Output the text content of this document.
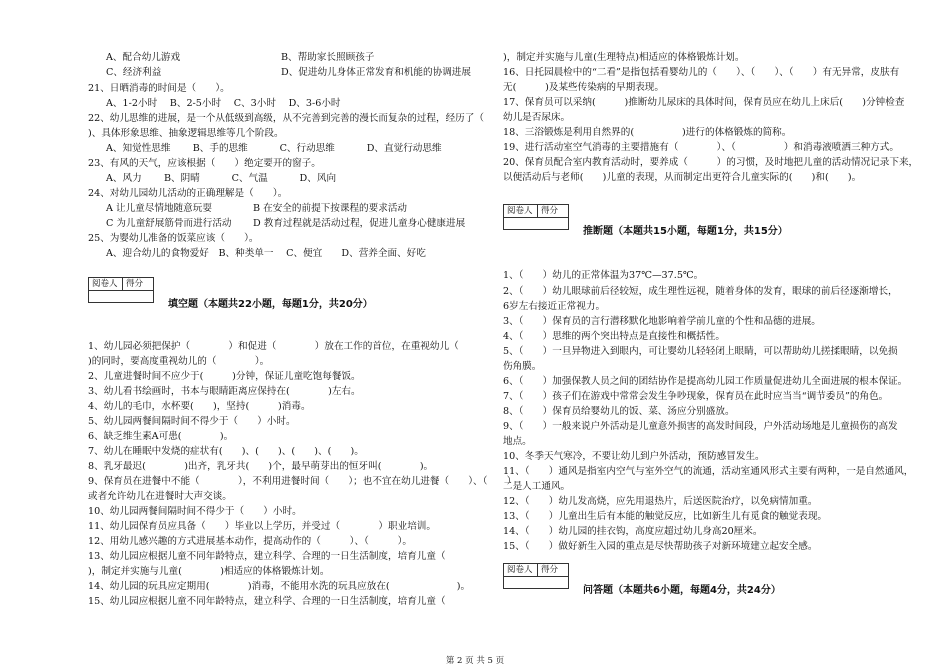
A、配合幼儿游戏	B、帮助家长照顾孩子
C、经济利益	D、促进幼儿身体正常发育和机能的协调进展
21、日晒消毒的时间是（　　）。
A、1-2小时　 B、2-5小时　 C、3小时　 D、3-6小时
22、幼儿思维的进展，是一个从低级到高级，从不完善到完善的漫长而复杂的过程，经历了（
)、具体形象思维、抽象逻辑思维等几个阶段。
A、知觉性思维　　 B、手的思维　　　 C、行动思维　　　 D、直觉行动思维
23、有风的天气，应该根据（　　）绝定要开的窗子。
A、风力　　 B、阴晴　　　 C、气温　　　 D、风向
24、对幼儿园幼儿活动的正确理解是（　　）。
A 让儿童尽情地随意玩耍	B 在安全的前提下按课程的要求活动
C 为儿童舒展筋骨而进行活动 D 教育过程就是活动过程，促进儿童身心健康进展
25、为婴幼儿准备的饭菜应该（　　）。
A、迎合幼儿的食物爱好　B、种类单一　 C、便宜　　D、营养全面、好吃
1、幼儿园必须把保护（　　　　）和促进（　　　　）放在工作的首位，在重视幼儿（　　　　
)的同时，要高度重视幼儿的（　　　　）。
2、儿童进餐时间不应少于(　　　)分钟，保证儿童吃饱每餐饭。
3、幼儿看书绘画时，书本与眼睛距离应保持在(　　　　)左右。
4、幼儿的毛巾，水杯要(　　)，坚持(　　　)消毒。
5、幼儿园两餐间隔时间不得少于（　　）小时。
6、缺乏维生素A可患(　　　　)。
7、幼儿在睡眠中发烧的症状有(　　)、(　　)、(　　)、(　　)。
8、乳牙最迟(　　　　)出齐，乳牙共(　　)个，最早萌芽出的恒牙叫(　　　　)。
9、保育员在进餐中不能（　　　　），不利用进餐时间（　　）；也不宜在幼儿进餐（　　）、（　　）
或者允许幼儿在进餐时大声交谈。
10、幼儿园两餐间隔时间不得少于（　　）小时。
11、幼儿园保育员应具备（　　）毕业以上学历，并受过（　　　　）职业培训。
12、用幼儿感兴趣的方式进展基本动作，提高动作的（　　　）、（　　　）。
13、幼儿园应根据儿童不同年龄特点，建立科学、合理的一日生活制度，培育儿童（
)，制定并实施与儿童(　　　　)相适应的体格锻炼计划。
14、幼儿园的玩具应定期用(　　　　)消毒，不能用水洗的玩具应放在(　　　　　　　)。
15、幼儿园应根据儿童不同年龄特点，建立科学、合理的一日生活制度，培育儿童（
)，制定并实施与儿童(生理特点)相适应的体格锻炼计划。
16、日托园晨检中的“二看”是指包括看婴幼儿的（　　）、（　　）、（　　）有无异常，皮肤有
无(　　　)及某些传染病的早期表现。
17、保育员可以采纳(　　　)推断幼儿尿床的具体时间，保育员应在幼儿上床后(　　)分钟检查
幼儿是否尿床。
18、三浴锻炼是利用自然界的(　　　　　)进行的体格锻炼的简称。
19、进行活动室空气消毒的主要措施有（　　　　）、（　　　　　）和消毒液喷洒三种方式。
20、保育员配合室内教育活动时，要养成（　　　）的习惯，及时地把儿童的活动情况记录下来，
以便活动后与老师(　　)儿童的表现，从而制定出更符合儿童实际的(　　)和(　　)。
1、（　　）幼儿的正常体温为37℃—37.5℃。
2、（　　）幼儿眼球前后径较短，成生理性远视，随着身体的发育，眼球的前后径逐渐增长，
6岁左右接近正常视力。
3、（　　）保育员的言行潜移默化地影响着学前儿童的个性和品德的进展。
4、（　　）思维的两个突出特点是直接性和概括性。
5、（　　）一旦异物进入到眼内，可让婴幼儿轻轻闭上眼睛，可以帮助幼儿搓揉眼睛，以免损
伤角膜。
6、（　　）加强保教人员之间的团结协作是提高幼儿园工作质量促进幼儿全面进展的根本保证。
7、（　　）孩子们在游戏中常常会发生争吵现象，保育员在此时应当当“调节委员”的角色。
8、（　　）保育员给婴幼儿的饭、菜、汤应分别盛放。
9、（　　）一般来说户外活动是儿童意外损害的高发时间段，户外活动场地是儿童损伤的高发
地点。
10、冬季天气寒冷，不要让幼儿到户外活动，预防感冒发生。
11、（　　）通风是指室内空气与室外空气的流通，活动室通风形式主要有两种，一是自然通风，
二是人工通风。
12、（　　）幼儿发高烧，应先用退热片，后送医院治疗，以免病情加重。
13、（　　）儿童出生后有本能的触觉反应，比如新生儿有觅食的触觉表现。
14、（　　）幼儿园的挂衣钩，高度应超过幼儿身高20厘米。
15、（　　）做好新生入园的重点是尽快帮助孩子对新环境建立起安全感。
阅卷人 得分
填空题（本题共22小题，每题1分，共20分）
阅卷人 得分
推断题（本题共15小题，每题1分，共15分）
阅卷人 得分
问答题（本题共6小题，每题4分，共24分）
第 2 页 共 5 页
